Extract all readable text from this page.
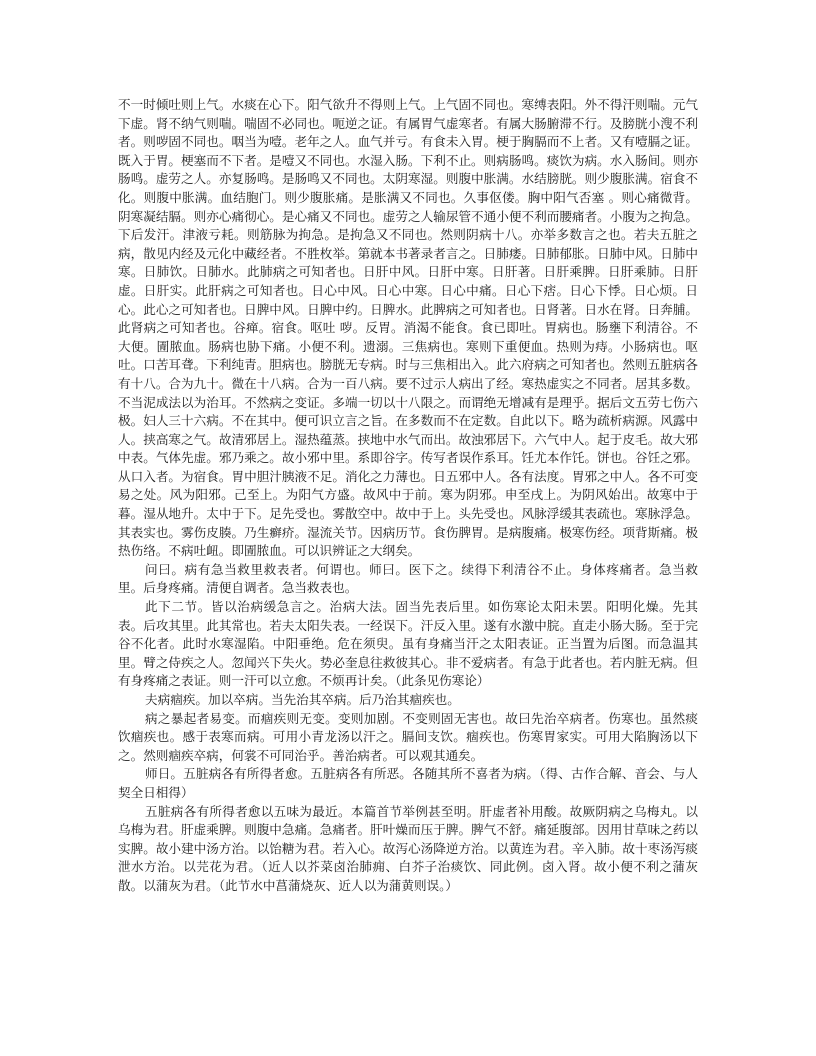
不一时倾吐则上气。水痰在心下。阳气欲升不得则上气。上气固不同也。寒缚表阳。外不得汗则喘。元气下虚。肾不纳气则喘。喘固不必同也。呃逆之证。有属胃气虚寒者。有属大肠腑滞不行。及膀胱小溲不利者。则哕固不同也。咽当为噎。老年之人。血气并亏。有食未入胃。梗于胸膈而不上者。又有噎膈之证。既入于胃。梗塞而不下者。是噎又不同也。水湿入肠。下利不止。则病肠鸣。痰饮为病。水入肠间。则亦肠鸣。虚劳之人。亦复肠鸣。是肠鸣又不同也。太阴寒湿。则腹中胀满。水结膀胱。则少腹胀满。宿食不化。则腹中胀满。血结胞门。则少腹胀痛。是胀满又不同也。久事伛偻。胸中阳气否塞 。则心痛微背。阴寒凝结膈。则亦心痛彻心。是心痛又不同也。虚劳之人输尿管不通小便不利而腰痛者。小腹为之拘急。下后发汗。津液亏耗。则筋脉为拘急。是拘急又不同也。然则阴病十八。亦举多数言之也。若夫五脏之病，散见内经及元化中藏经者。不胜枚举。第就本书著录者言之。日肺痿。日肺郁胀。日肺中风。日肺中寒。日肺饮。日肺水。此肺病之可知者也。日肝中风。日肝中寒。日肝著。日肝乘脾。日肝乘肺。日肝虚。日肝实。此肝病之可知者也。日心中风。日心中寒。日心中痛。日心下痞。日心下悸。日心烦。日心。此心之可知者也。日脾中风。日脾中约。日脾水。此脾病之可知者也。日肾著。日水在肾。日奔脯。此肾病之可知者也。谷瘅。宿食。呕吐 哕。反胃。消渴不能食。食已即吐。胃病也。肠壅下利清谷。不大便。圊脓血。肠病也胁下痛。小便不利。遗溺。三焦病也。寒则下重便血。热则为痔。小肠病也。呕吐。口苦耳聋。下利纯青。胆病也。膀胱无专病。时与三焦相出入。此六府病之可知者也。然则五脏病各有十八。合为九十。微在十八病。合为一百八病。要不过示人病出了经。寒热虚实之不同者。居其多数。不当泥成法以为治耳。不然病之变证。多端一切以十八限之。而谓绝无增减有是理乎。据后文五劳七伤六极。妇人三十六病。不在其中。便可识立言之旨。在多数而不在定数。自此以下。略为疏析病源。风露中人。挟高寒之气。故清邪居上。湿热蕴蒸。挟地中水气而出。故浊邪居下。六气中人。起于皮毛。故大邪中表。气体先虚。邪乃乘之。故小邪中里。系即谷字。传写者误作系耳。饪尤本作饦。饼也。谷饪之邪。从口入者。为宿食。胃中胆汁胰液不足。消化之力薄也。日五邪中人。各有法度。胃邪之中人。各不可变易之处。风为阳邪。己至上。为阳气方盛。故风中于前。寒为阴邪。申至戌上。为阴风始出。故寒中于暮。湿从地升。太中于下。足先受也。雾散空中。故中于上。头先受也。风脉浮缓其表疏也。寒脉浮急。其表实也。雾伤皮腠。乃生癣疥。湿流关节。因病历节。食伤脾胃。是病腹痛。极寒伤经。项背斯痛。极热伤络。不病吐衄。即圊脓血。可以识辨证之大纲矣。

问曰。病有急当救里救表者。何谓也。师曰。医下之。续得下利清谷不止。身体疼痛者。急当救里。后身疼痛。清便自调者。急当救表也。

此下二节。皆以治病缓急言之。治病大法。固当先表后里。如伤寒论太阳未罢。阳明化燥。先其表。后攻其里。此其常也。若夫太阳失表。一经误下。汗反入里。遂有水激中脘。直走小肠大肠。至于完谷不化者。此时水寒湿陷。中阳垂绝。危在须臾。虽有身痛当汗之太阳表证。正当置为后图。而急温其里。臂之侍疾之人。忽闻兴下失火。势必奎息往救彼其心。非不爱病者。有急于此者也。若内脏无病。但有身疼痛之表证。则一汗可以立愈。不烦再计矣。（此条见伤寒论）

夫病痼疾。加以卒病。当先治其卒病。后乃治其痼疾也。

病之暴起者易变。而痼疾则无变。变则加剧。不变则固无害也。故曰先治卒病者。伤寒也。虽然痰饮痼疾也。感于表寒而病。可用小青龙汤以汗之。膈间支饮。痼疾也。伤寒胃家实。可用大陷胸汤以下之。然则痼疾卒病，何裳不可同治乎。善治病者。可以观其通矣。

师日。五脏病各有所得者愈。五脏病各有所恶。各随其所不喜者为病。（得、古作合解、音会、与人契全日相得）

五脏病各有所得者愈以五味为最近。本篇首节举例甚至明。肝虚者补用酸。故厥阴病之乌梅丸。以乌梅为君。肝虚乘脾。则腹中急痛。急痛者。肝叶燥而压于脾。脾气不舒。痛延腹部。因用甘草味之药以实脾。故小建中汤方治。以饴糖为君。若入心。故泻心汤降逆方治。以黄连为君。辛入肺。故十枣汤泻痰泄水方治。以芫花为君。（近人以芥菜卤治肺痈、白芥子治痰饮、同此例。卤入肾。故小便不利之蒲灰散。以蒲灰为君。（此节水中菖蒲烧灰、近人以为蒲黄则误。）
